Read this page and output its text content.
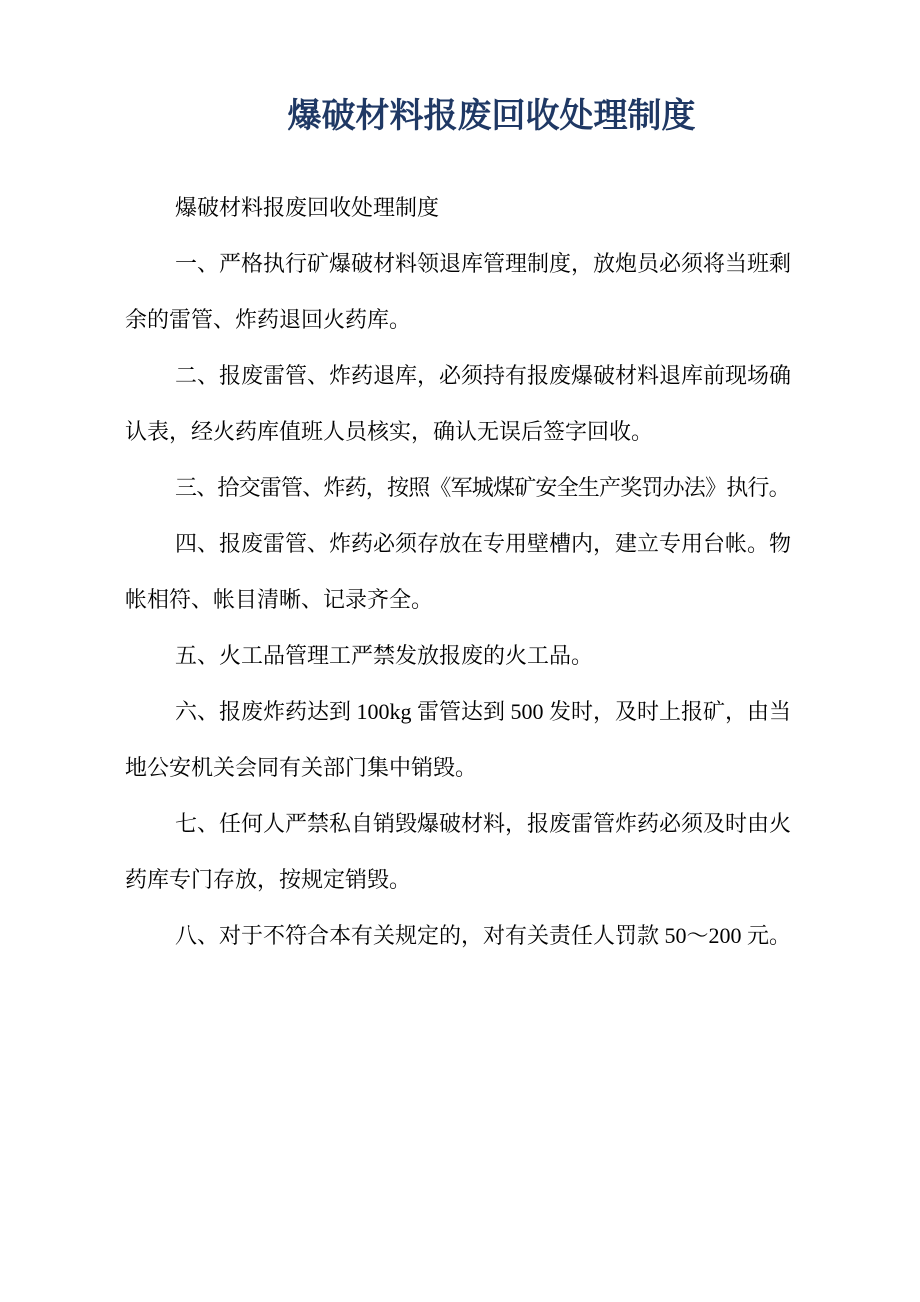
爆破材料报废回收处理制度

爆破材料报废回收处理制度

一、严格执行矿爆破材料领退库管理制度，放炮员必须将当班剩
余的雷管、炸药退回火药库。

二、报废雷管、炸药退库，必须持有报废爆破材料退库前现场确
认表，经火药库值班人员核实，确认无误后签字回收。

三、拾交雷管、炸药，按照《军城煤矿安全生产奖罚办法》执行。

四、报废雷管、炸药必须存放在专用壁槽内，建立专用台帐。物
帐相符、帐目清晰、记录齐全。

五、火工品管理工严禁发放报废的火工品。

六、报废炸药达到 100kg 雷管达到 500 发时，及时上报矿，由当
地公安机关会同有关部门集中销毁。

七、任何人严禁私自销毁爆破材料，报废雷管炸药必须及时由火
药库专门存放，按规定销毁。

八、对于不符合本有关规定的，对有关责任人罚款 50～200 元。
